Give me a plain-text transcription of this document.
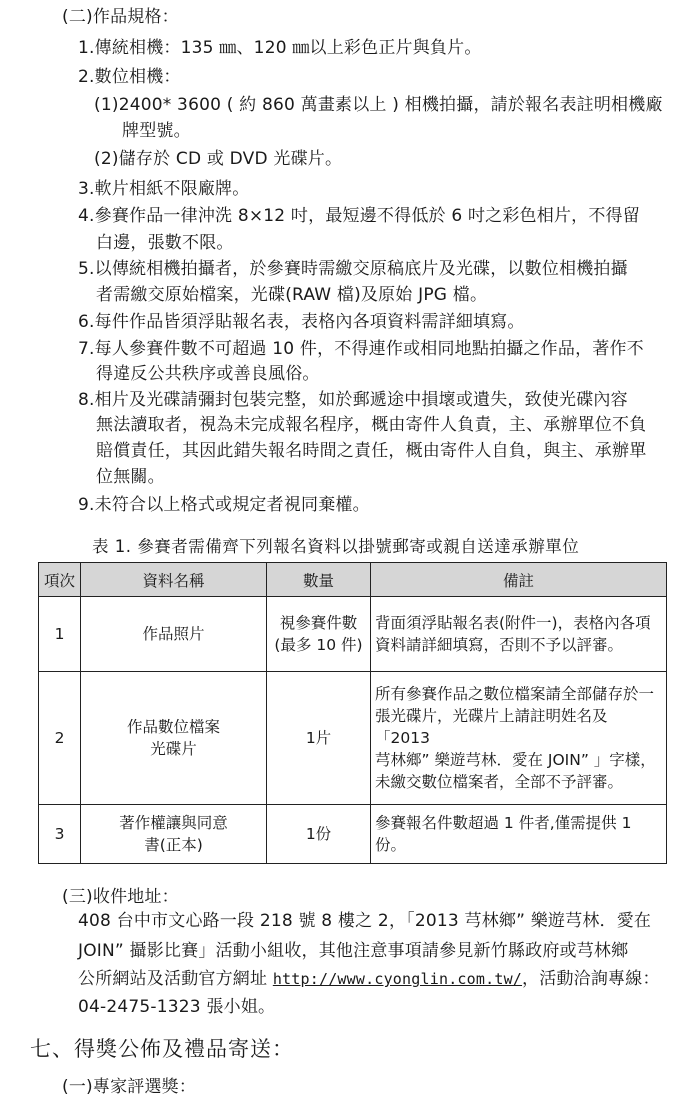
(二)作品規格：
1.傳統相機：135 ㎜、120 ㎜以上彩色正片與負片。
2.數位相機：
(1)2400* 3600 ( 約 860 萬畫素以上 ) 相機拍攝，請於報名表註明相機廠
牌型號。
(2)儲存於 CD 或 DVD 光碟片。
3.軟片相紙不限廠牌。
4.參賽作品一律沖洗 8×12 吋，最短邊不得低於 6 吋之彩色相片，不得留
白邊，張數不限。
5.以傳統相機拍攝者，於參賽時需繳交原稿底片及光碟，以數位相機拍攝
者需繳交原始檔案，光碟(RAW 檔)及原始 JPG 檔。
6.每件作品皆須浮貼報名表，表格內各項資料需詳細填寫。
7.每人參賽件數不可超過 10 件，不得連作或相同地點拍攝之作品，著作不
得違反公共秩序或善良風俗。
8.相片及光碟請彌封包裝完整，如於郵遞途中損壞或遺失，致使光碟內容
無法讀取者，視為未完成報名程序，概由寄件人負責，主、承辦單位不負
賠償責任，其因此錯失報名時間之責任，概由寄件人自負，與主、承辦單
位無關。
9.未符合以上格式或規定者視同棄權。
表 1. 參賽者需備齊下列報名資料以掛號郵寄或親自送達承辦單位
項次	資料名稱	數量	備註
1	作品照片	視參賽件數
(最多 10 件)	背面須浮貼報名表(附件一)，表格內各項
資料請詳細填寫，否則不予以評審。
2	作品數位檔案
光碟片	1片	所有參賽作品之數位檔案請全部儲存於一
張光碟片，光碟片上請註明姓名及「2013
芎林鄉” 樂遊芎林．愛在 JOIN” 」字樣，
未繳交數位檔案者，全部不予評審。
3	著作權讓與同意
書(正本)	1份	參賽報名件數超過 1 件者,僅需提供 1 份。
(三)收件地址：
408 台中市文心路一段 218 號 8 樓之 2，「2013 芎林鄉” 樂遊芎林．愛在
JOIN” 攝影比賽」活動小組收，其他注意事項請參見新竹縣政府或芎林鄉
公所網站及活動官方網址 http://www.cyonglin.com.tw/，活動洽詢專線：
04-2475-1323 張小姐。
七、得獎公佈及禮品寄送：
(一)專家評選獎：
